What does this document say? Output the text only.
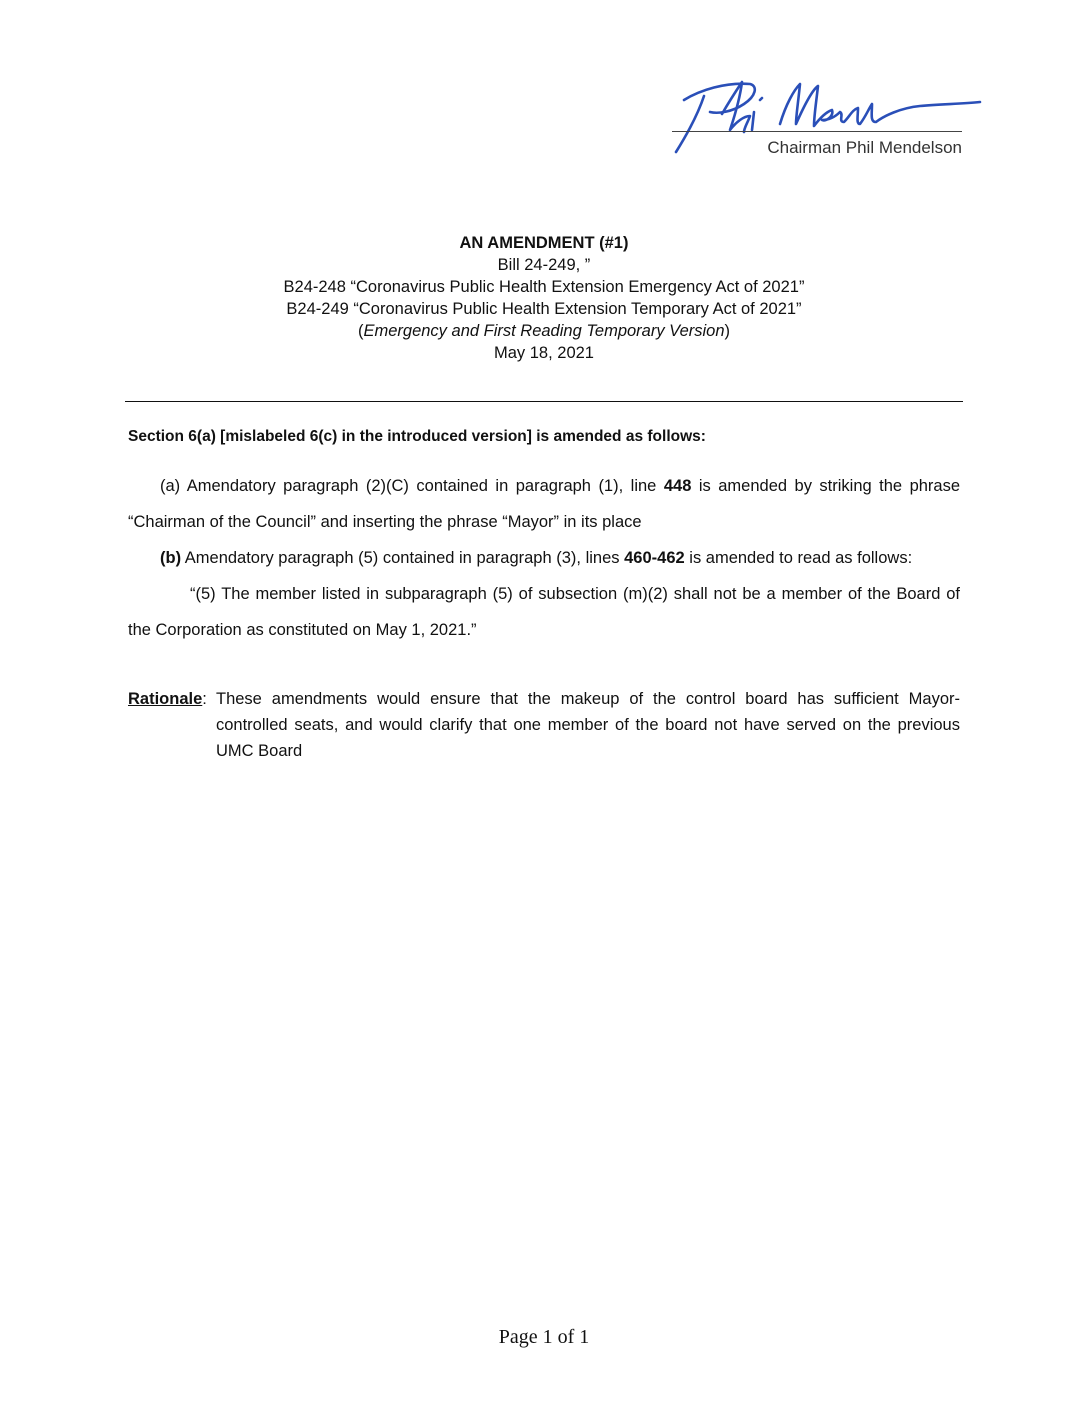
Chairman Phil Mendelson
AN AMENDMENT (#1)
Bill 24-249, ”
B24-248 “Coronavirus Public Health Extension Emergency Act of 2021”
B24-249 “Coronavirus Public Health Extension Temporary Act of 2021”
(Emergency and First Reading Temporary Version)
May 18, 2021
Section 6(a) [mislabeled 6(c) in the introduced version] is amended as follows:
(a) Amendatory paragraph (2)(C) contained in paragraph (1), line 448 is amended by striking the phrase “Chairman of the Council” and inserting the phrase “Mayor” in its place
(b) Amendatory paragraph (5) contained in paragraph (3), lines 460-462 is amended to read as follows:
“(5) The member listed in subparagraph (5) of subsection (m)(2) shall not be a member of the Board of the Corporation as constituted on May 1, 2021.”
Rationale: These amendments would ensure that the makeup of the control board has sufficient Mayor-controlled seats, and would clarify that one member of the board not have served on the previous UMC Board
Page 1 of 1
